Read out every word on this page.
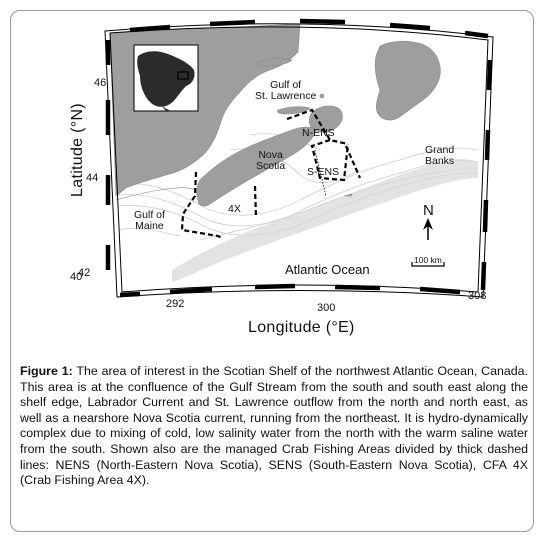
Gulf of
St. Lawrence
N-ENS
Nova
Scotia
Grand
Banks
S-ENS
4X
Gulf of
Maine
Atlantic Ocean
N
100 km
46
44
42
40
292	300
308
Longitude (°E)
Latitude (°N)
Figure 1: The area of interest in the Scotian Shelf of the northwest Atlantic Ocean, Canada. This area is at the confluence of the Gulf Stream from the south and south east along the shelf edge, Labrador Current and St. Lawrence outflow from the north and north east, as well as a nearshore Nova Scotia current, running from the northeast. It is hydro-dynamically complex due to mixing of cold, low salinity water from the north with the warm saline water from the south. Shown also are the managed Crab Fishing Areas divided by thick dashed lines: NENS (North-Eastern Nova Scotia), SENS (South-Eastern Nova Scotia), CFA 4X (Crab Fishing Area 4X).
